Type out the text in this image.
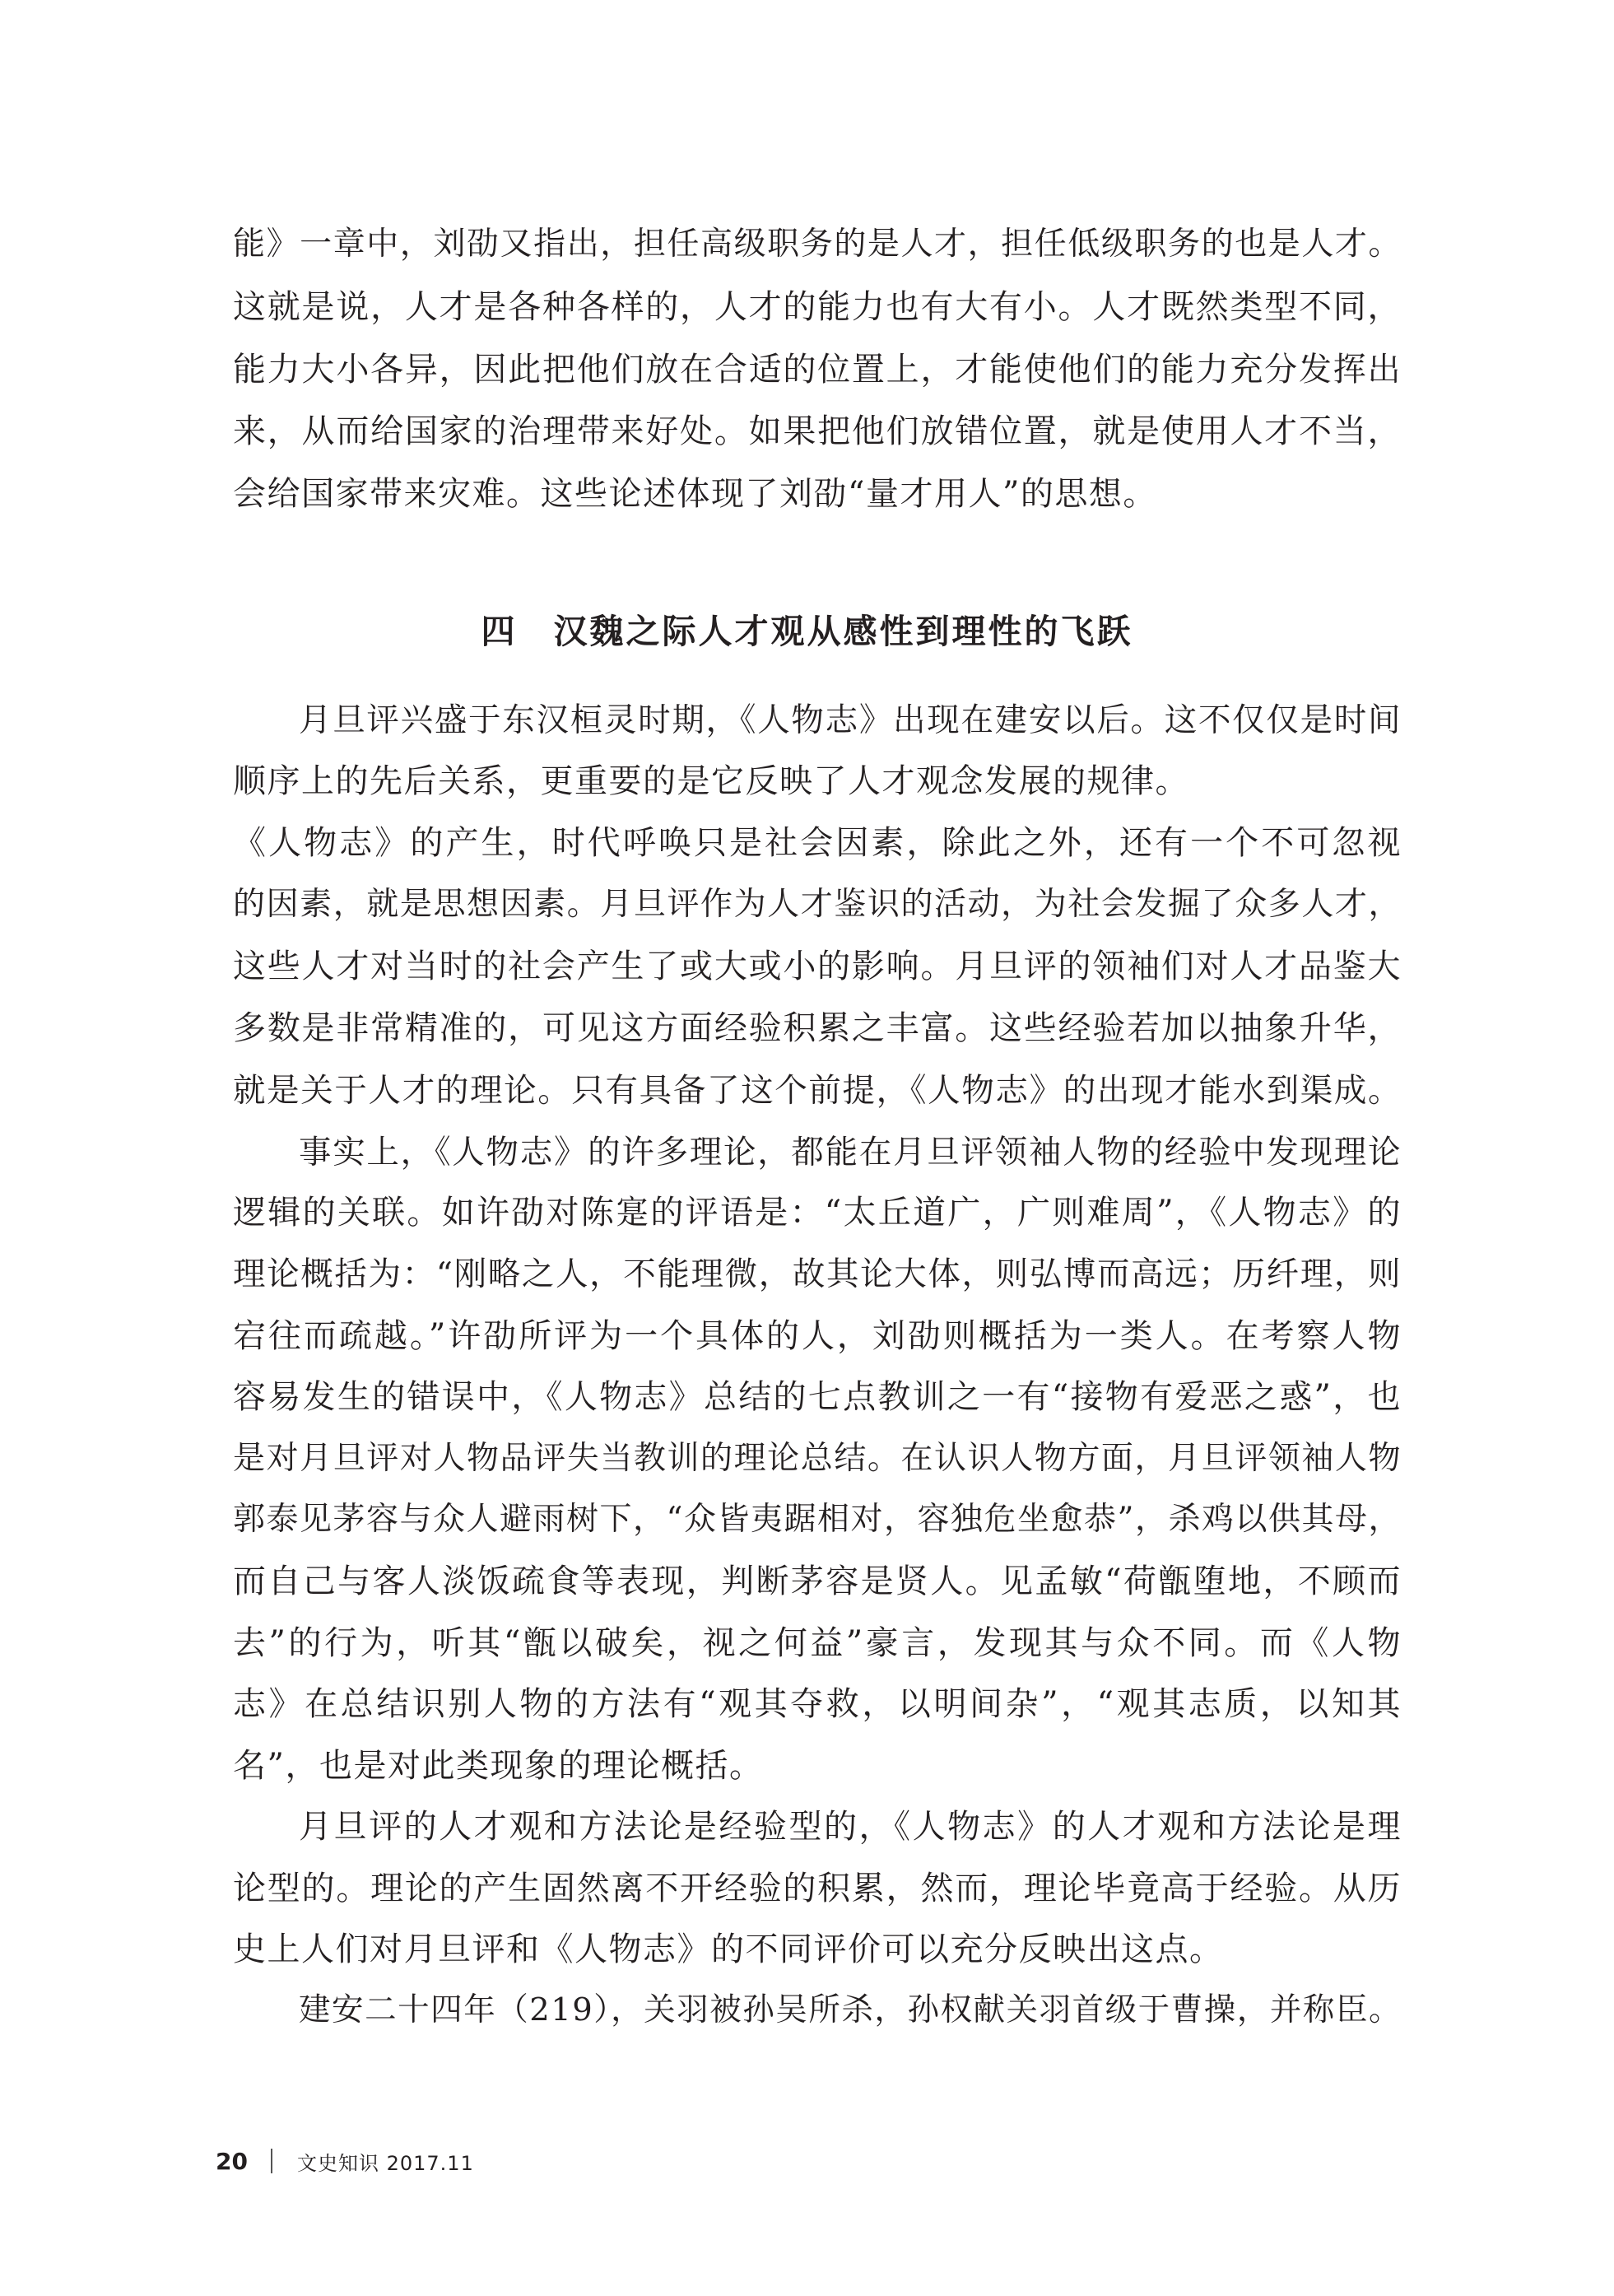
能》一章中，刘劭又指出，担任高级职务的是人才，担任低级职务的也是人才。
这就是说，人才是各种各样的，人才的能力也有大有小。人才既然类型不同，
能力大小各异，因此把他们放在合适的位置上，才能使他们的能力充分发挥出
来，从而给国家的治理带来好处。如果把他们放错位置，就是使用人才不当，
会给国家带来灾难。这些论述体现了刘劭“量才用人”的思想。
月旦评兴盛于东汉桓灵时期，《人物志》出现在建安以后。这不仅仅是时间
顺序上的先后关系，更重要的是它反映了人才观念发展的规律。
《人物志》的产生，时代呼唤只是社会因素，除此之外，还有一个不可忽视
的因素，就是思想因素。月旦评作为人才鉴识的活动，为社会发掘了众多人才，
这些人才对当时的社会产生了或大或小的影响。月旦评的领袖们对人才品鉴大
多数是非常精准的，可见这方面经验积累之丰富。这些经验若加以抽象升华，
就是关于人才的理论。只有具备了这个前提，《人物志》的出现才能水到渠成。
事实上，《人物志》的许多理论，都能在月旦评领袖人物的经验中发现理论
逻辑的关联。如许劭对陈寔的评语是：“太丘道广，广则难周”，《人物志》的
理论概括为：“刚略之人，不能理微，故其论大体，则弘博而高远；历纤理，则
宕往而疏越。”许劭所评为一个具体的人，刘劭则概括为一类人。在考察人物
容易发生的错误中，《人物志》总结的七点教训之一有“接物有爱恶之惑”，也
是对月旦评对人物品评失当教训的理论总结。在认识人物方面，月旦评领袖人物
郭泰见茅容与众人避雨树下，“众皆夷踞相对，容独危坐愈恭”，杀鸡以供其母，
而自己与客人淡饭疏食等表现，判断茅容是贤人。见孟敏“荷甑堕地，不顾而
去”的行为，听其“甑以破矣，视之何益”豪言，发现其与众不同。而《人物
志》在总结识别人物的方法有“观其夺救，以明间杂”，“观其志质，以知其
名”，也是对此类现象的理论概括。
月旦评的人才观和方法论是经验型的，《人物志》的人才观和方法论是理
论型的。理论的产生固然离不开经验的积累，然而，理论毕竟高于经验。从历
史上人们对月旦评和《人物志》的不同评价可以充分反映出这点。
建安二十四年（219），关羽被孙吴所杀，孙权献关羽首级于曹操，并称臣。
四　汉魏之际人才观从感性到理性的飞跃
20	文史知识 2017.11
